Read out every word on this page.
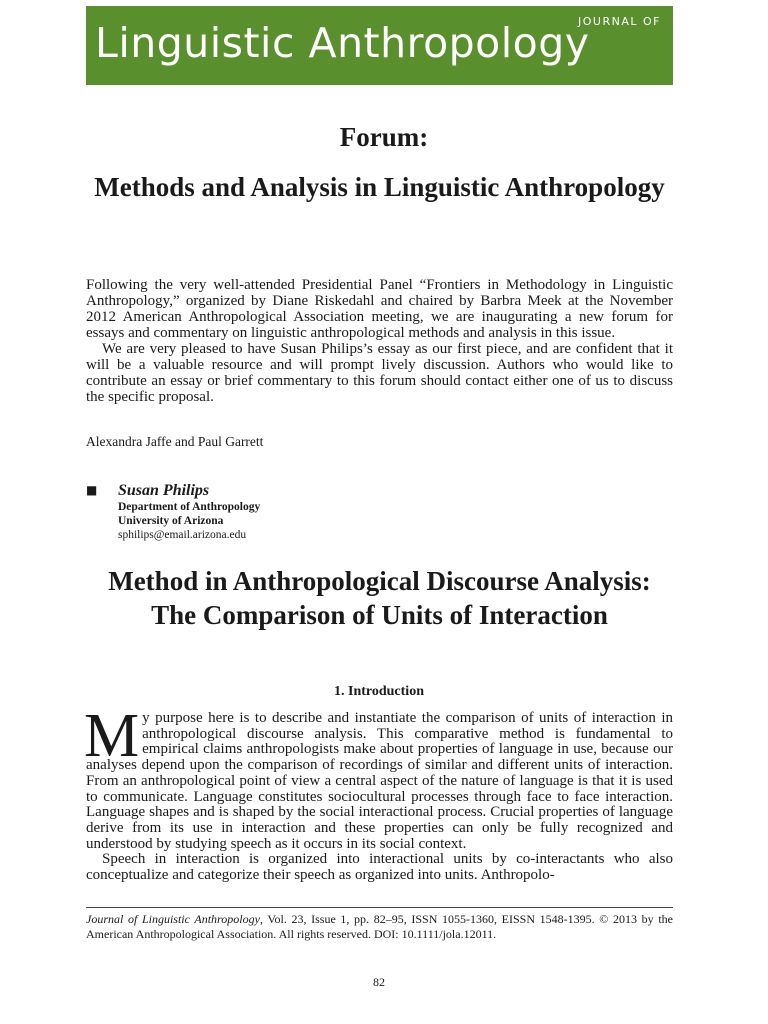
JOURNAL OF
Linguistic Anthropology
Forum:
Methods and Analysis in Linguistic Anthropology

Following the very well-attended Presidential Panel “Frontiers in Methodology in Linguistic Anthropology,” organized by Diane Riskedahl and chaired by Barbra Meek at the November 2012 American Anthropological Association meeting, we are inaugurating a new forum for essays and commentary on linguistic anthropological methods and analysis in this issue.

We are very pleased to have Susan Philips’s essay as our first piece, and are confident that it will be a valuable resource and will prompt lively discussion. Authors who would like to contribute an essay or brief commentary to this forum should contact either one of us to discuss the specific proposal.

Alexandra Jaffe and Paul Garrett

■ Susan Philips
Department of Anthropology
University of Arizona
sphilips@email.arizona.edu
Method in Anthropological Discourse Analysis: The Comparison of Units of Interaction
1. Introduction

My purpose here is to describe and instantiate the comparison of units of interaction in anthropological discourse analysis. This comparative method is fundamental to empirical claims anthropologists make about properties of language in use, because our analyses depend upon the comparison of recordings of similar and different units of interaction. From an anthropological point of view a central aspect of the nature of language is that it is used to communicate. Language constitutes sociocultural processes through face to face interaction. Language shapes and is shaped by the social interactional process. Crucial properties of language derive from its use in interaction and these properties can only be fully recognized and understood by studying speech as it occurs in its social context.

Speech in interaction is organized into interactional units by co-interactants who also conceptualize and categorize their speech as organized into units. Anthropolo-

Journal of Linguistic Anthropology, Vol. 23, Issue 1, pp. 82–95, ISSN 1055-1360, EISSN 1548-1395. © 2013 by the American Anthropological Association. All rights reserved. DOI: 10.1111/jola.12011.

82
